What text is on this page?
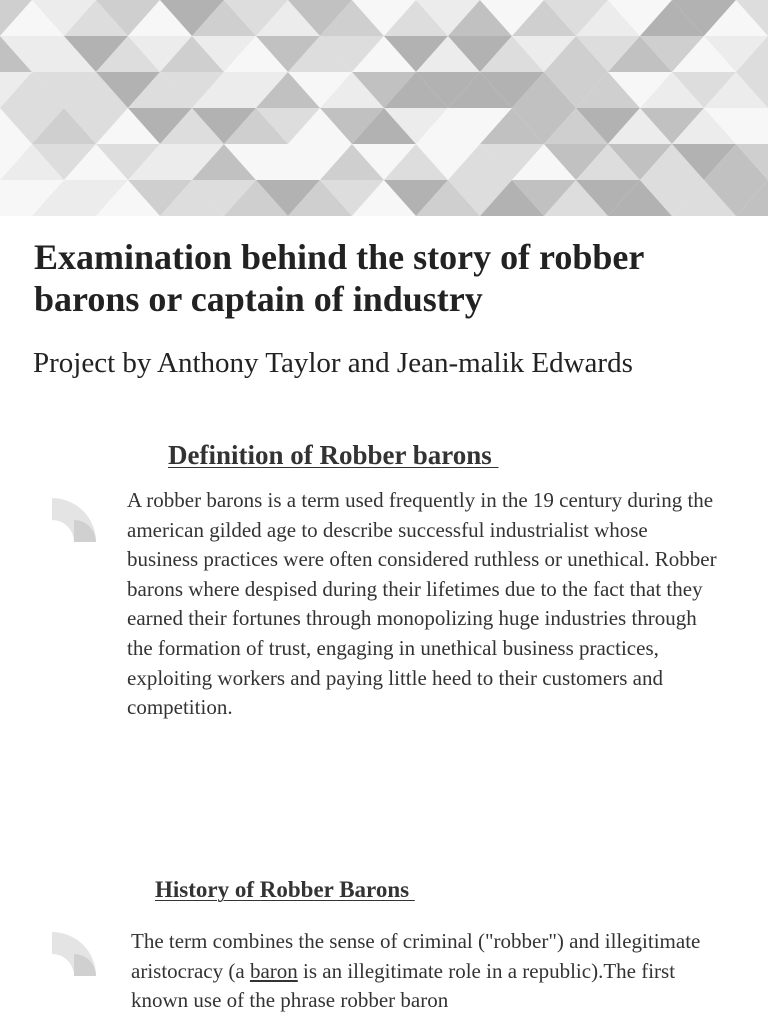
Examination behind the story of robber barons or captain of industry
Project by Anthony Taylor and Jean-malik Edwards
Definition of Robber barons

A robber barons is a term used frequently in the 19 century during the american gilded age to describe successful industrialist whose business practices were often considered ruthless or unethical. Robber barons where despised during their lifetimes due to the fact that they earned their fortunes through monopolizing huge industries through the formation of trust, engaging in unethical business practices, exploiting workers and paying little heed to their customers and competition.

History of Robber Barons

The term combines the sense of criminal ("robber") and illegitimate aristocracy (a baron is an illegitimate role in a republic).The first known use of the phrase robber baron
